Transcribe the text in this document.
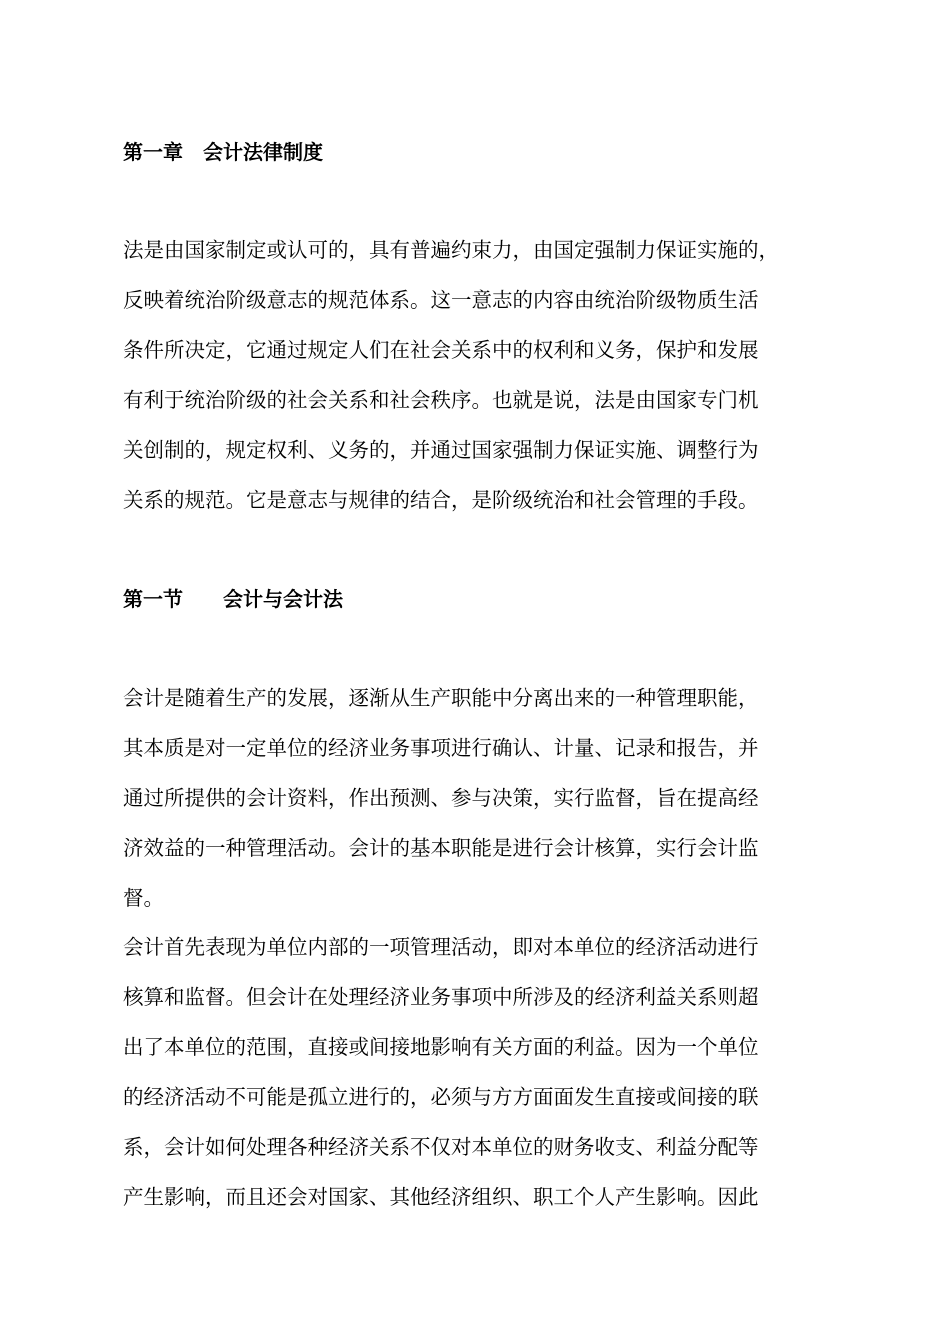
第一章　会计法律制度

法是由国家制定或认可的，具有普遍约束力，由国定强制力保证实施的，

反映着统治阶级意志的规范体系。这一意志的内容由统治阶级物质生活

条件所决定，它通过规定人们在社会关系中的权利和义务，保护和发展

有利于统治阶级的社会关系和社会秩序。也就是说，法是由国家专门机

关创制的，规定权利、义务的，并通过国家强制力保证实施、调整行为

关系的规范。它是意志与规律的结合，是阶级统治和社会管理的手段。

第一节　　会计与会计法

会计是随着生产的发展，逐渐从生产职能中分离出来的一种管理职能，

其本质是对一定单位的经济业务事项进行确认、计量、记录和报告，并

通过所提供的会计资料，作出预测、参与决策，实行监督，旨在提高经

济效益的一种管理活动。会计的基本职能是进行会计核算，实行会计监

督。

会计首先表现为单位内部的一项管理活动，即对本单位的经济活动进行

核算和监督。但会计在处理经济业务事项中所涉及的经济利益关系则超

出了本单位的范围，直接或间接地影响有关方面的利益。因为一个单位

的经济活动不可能是孤立进行的，必须与方方面面发生直接或间接的联

系，会计如何处理各种经济关系不仅对本单位的财务收支、利益分配等

产生影响，而且还会对国家、其他经济组织、职工个人产生影响。因此
